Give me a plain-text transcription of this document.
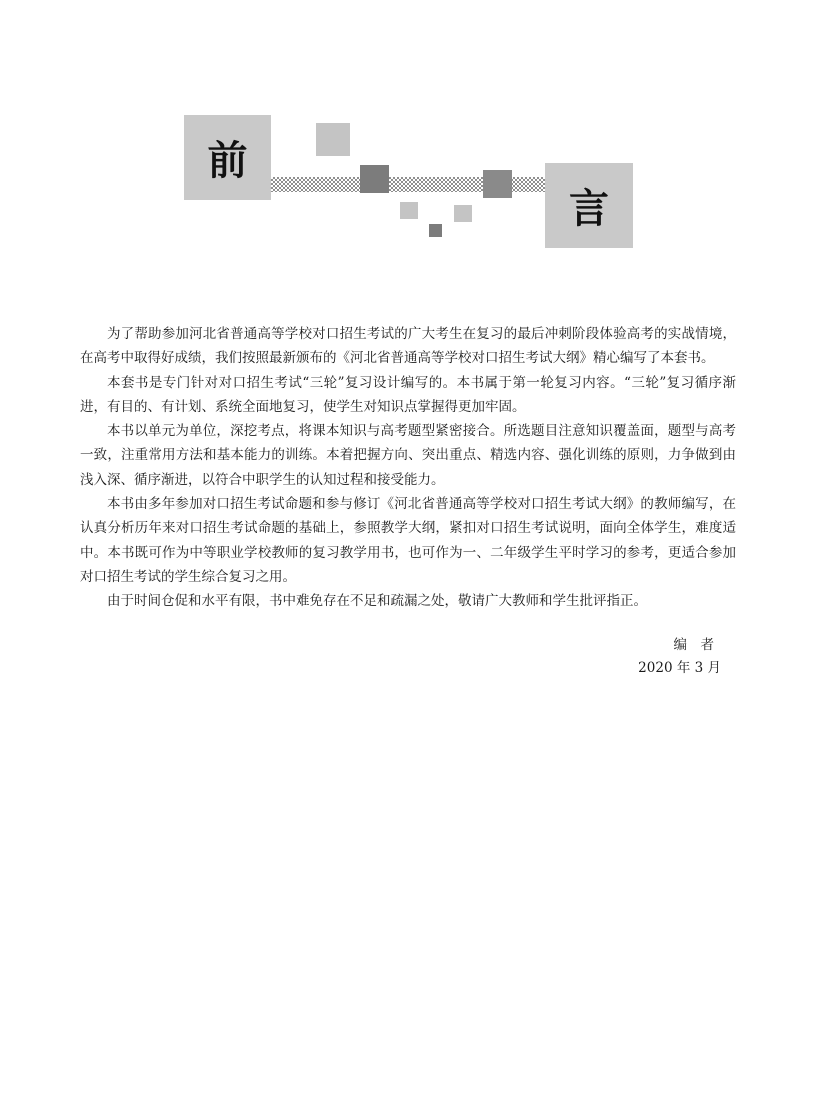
前
言

为了帮助参加河北省普通高等学校对口招生考试的广大考生在复习的最后冲刺阶段体验高考的实战情境，在高考中取得好成绩，我们按照最新颁布的《河北省普通高等学校对口招生考试大纲》精心编写了本套书。

本套书是专门针对对口招生考试“三轮”复习设计编写的。本书属于第一轮复习内容。“三轮”复习循序渐进，有目的、有计划、系统全面地复习，使学生对知识点掌握得更加牢固。

本书以单元为单位，深挖考点，将课本知识与高考题型紧密接合。所选题目注意知识覆盖面，题型与高考一致，注重常用方法和基本能力的训练。本着把握方向、突出重点、精选内容、强化训练的原则，力争做到由浅入深、循序渐进，以符合中职学生的认知过程和接受能力。

本书由多年参加对口招生考试命题和参与修订《河北省普通高等学校对口招生考试大纲》的教师编写，在认真分析历年来对口招生考试命题的基础上，参照教学大纲，紧扣对口招生考试说明，面向全体学生，难度适中。本书既可作为中等职业学校教师的复习教学用书，也可作为一、二年级学生平时学习的参考，更适合参加对口招生考试的学生综合复习之用。

由于时间仓促和水平有限，书中难免存在不足和疏漏之处，敬请广大教师和学生批评指正。

编　者
2020 年 3 月
